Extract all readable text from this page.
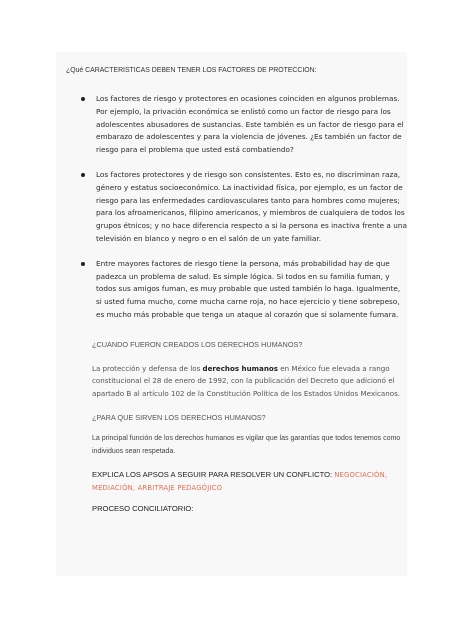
¿Qué CARACTERISTICAS DEBEN TENER LOS FACTORES DE PROTECCION:

Los factores de riesgo y protectores en ocasiones coinciden en algunos problemas. Por ejemplo, la privación económica se enlistó como un factor de riesgo para los adolescentes abusadores de sustancias. Este también es un factor de riesgo para el embarazo de adolescentes y para la violencia de jóvenes. ¿Es también un factor de riesgo para el problema que usted está combatiendo?
Los factores protectores y de riesgo son consistentes. Esto es, no discriminan raza, género y estatus socioeconómico. La inactividad física, por ejemplo, es un factor de riesgo para las enfermedades cardiovasculares tanto para hombres como mujeres; para los afroamericanos, filipino americanos, y miembros de cualquiera de todos los grupos étnicos; y no hace diferencia respecto a si la persona es inactiva frente a una televisión en blanco y negro o en el salón de un yate familiar.
Entre mayores factores de riesgo tiene la persona, más probabilidad hay de que padezca un problema de salud. Es simple lógica. Si todos en su familia fuman, y todos sus amigos fuman, es muy probable que usted también lo haga. Igualmente, si usted fuma mucho, come mucha carne roja, no hace ejercicio y tiene sobrepeso, es mucho más probable que tenga un ataque al corazón que si solamente fumara.

¿CUANDO FUERON CREADOS LOS DERECHOS HUMANOS?

La protección y defensa de los derechos humanos en México fue elevada a rango constitucional el 28 de enero de 1992, con la publicación del Decreto que adicionó el apartado B al artículo 102 de la Constitución Política de los Estados Unidos Mexicanos.

¿PARA QUE SIRVEN LOS DERECHOS HUMANOS?

La principal función de los derechos humanos es vigilar que las garantías que todos tenemos como individuos sean respetada.

EXPLICA LOS APSOS A SEGUIR PARA RESOLVER UN CONFLICTO: NEGOCIACIÓN, MEDIACIÓN, ARBITRAJE PEDAGÓJICO

PROCESO CONCILIATORIO:
